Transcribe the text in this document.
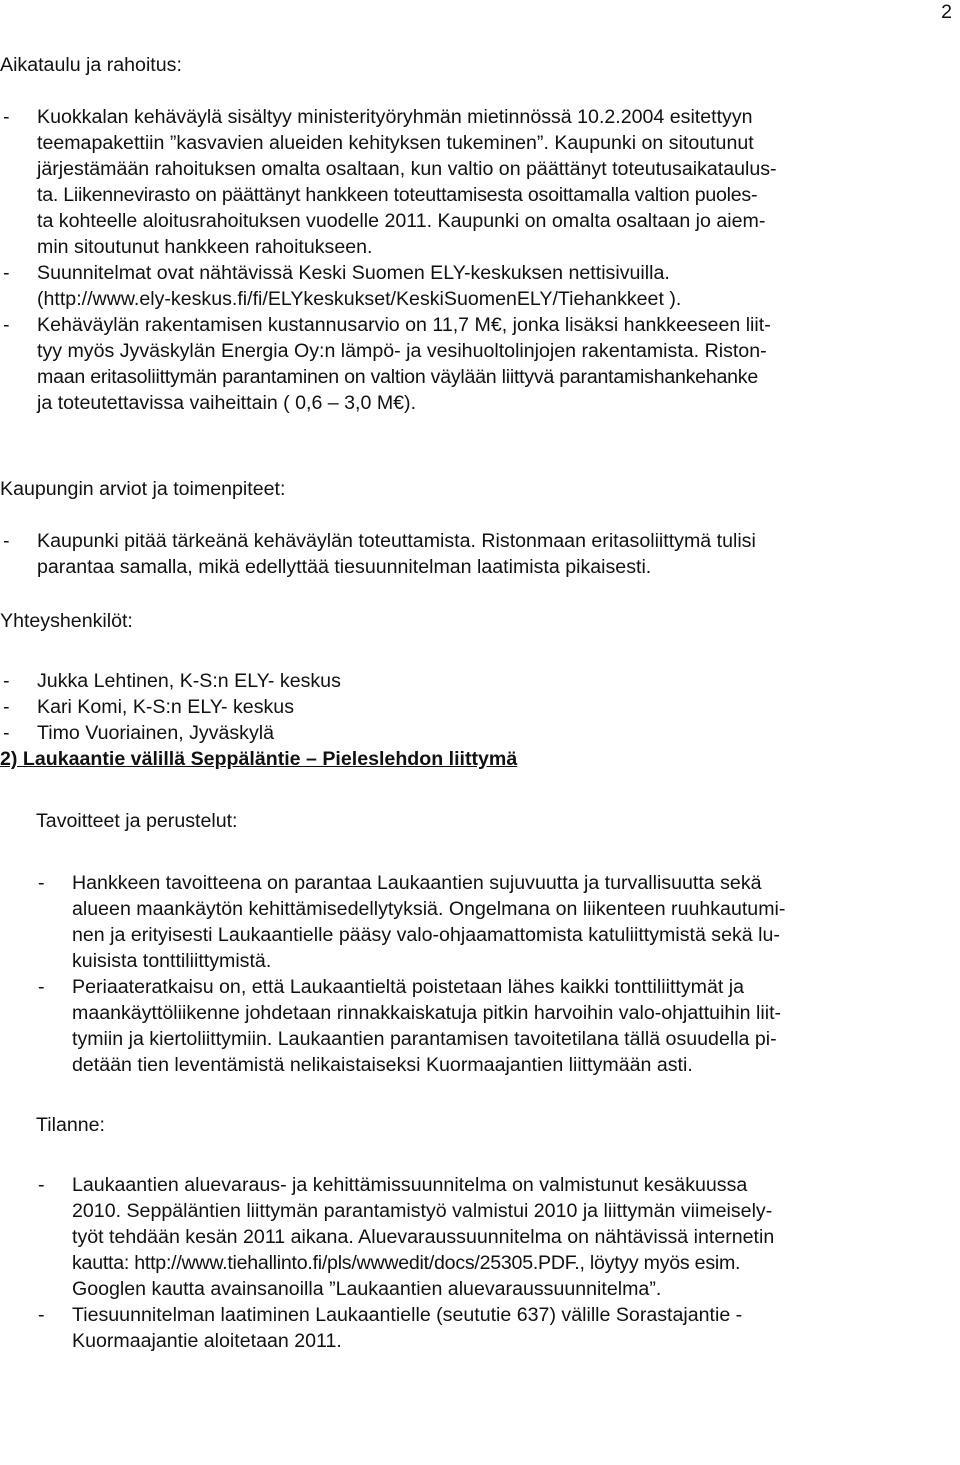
2

Aikataulu ja rahoitus:

- Kuokkalan kehäväylä sisältyy ministerityöryhmän mietinnössä 10.2.2004 esitettyyn
teemapakettiin ”kasvavien alueiden kehityksen tukeminen”. Kaupunki on sitoutunut
järjestämään rahoituksen omalta osaltaan, kun valtio on päättänyt toteutusaikataulus-
ta. Liikennevirasto on päättänyt hankkeen toteuttamisesta osoittamalla valtion puoles-
ta kohteelle aloitusrahoituksen vuodelle 2011. Kaupunki on omalta osaltaan jo aiem-
min sitoutunut hankkeen rahoitukseen.
- Suunnitelmat ovat nähtävissä Keski Suomen ELY-keskuksen nettisivuilla.
(http://www.ely-keskus.fi/fi/ELYkeskukset/KeskiSuomenELY/Tiehankkeet ).
- Kehäväylän rakentamisen kustannusarvio on 11,7 M€, jonka lisäksi hankkeeseen liit-
tyy myös Jyväskylän Energia Oy:n lämpö- ja vesihuoltolinjojen rakentamista. Riston-
maan eritasoliittymän parantaminen on valtion väylään liittyvä parantamishankehanke
ja toteutettavissa vaiheittain ( 0,6 – 3,0 M€).

Kaupungin arviot ja toimenpiteet:

- Kaupunki pitää tärkeänä kehäväylän toteuttamista. Ristonmaan eritasoliittymä tulisi
parantaa samalla, mikä edellyttää tiesuunnitelman laatimista pikaisesti.

Yhteyshenkilöt:

- Jukka Lehtinen, K-S:n ELY- keskus
- Kari Komi, K-S:n ELY- keskus
- Timo Vuoriainen, Jyväskylä

2) Laukaantie välillä Seppäläntie – Pieleslehdon liittymä

Tavoitteet ja perustelut:

- Hankkeen tavoitteena on parantaa Laukaantien sujuvuutta ja turvallisuutta sekä
alueen maankäytön kehittämisedellytyksiä. Ongelmana on liikenteen ruuhkautumi-
nen ja erityisesti Laukaantielle pääsy valo-ohjaamattomista katuliittymistä sekä lu-
kuisista tonttiliittymistä.
- Periaateratkaisu on, että Laukaantieltä poistetaan lähes kaikki tonttiliittymät ja
maankäyttöliikenne johdetaan rinnakkaiskatuja pitkin harvoihin valo-ohjattuihin liit-
tymiin ja kiertoliittymiin. Laukaantien parantamisen tavoitetilana tällä osuudella pi-
detään tien leventämistä nelikaistaiseksi Kuormaajantien liittymään asti.

Tilanne:

- Laukaantien aluevaraus- ja kehittämissuunnitelma on valmistunut kesäkuussa
2010. Seppäläntien liittymän parantamistyö valmistui 2010 ja liittymän viimeisely-
työt tehdään kesän 2011 aikana. Aluevaraussuunnitelma on nähtävissä internetin
kautta: http://www.tiehallinto.fi/pls/wwwedit/docs/25305.PDF., löytyy myös esim.
Googlen kautta avainsanoilla ”Laukaantien aluevaraussuunnitelma”.
- Tiesuunnitelman laatiminen Laukaantielle (seututie 637) välille Sorastajantie -
Kuormaajantie aloitetaan 2011.
